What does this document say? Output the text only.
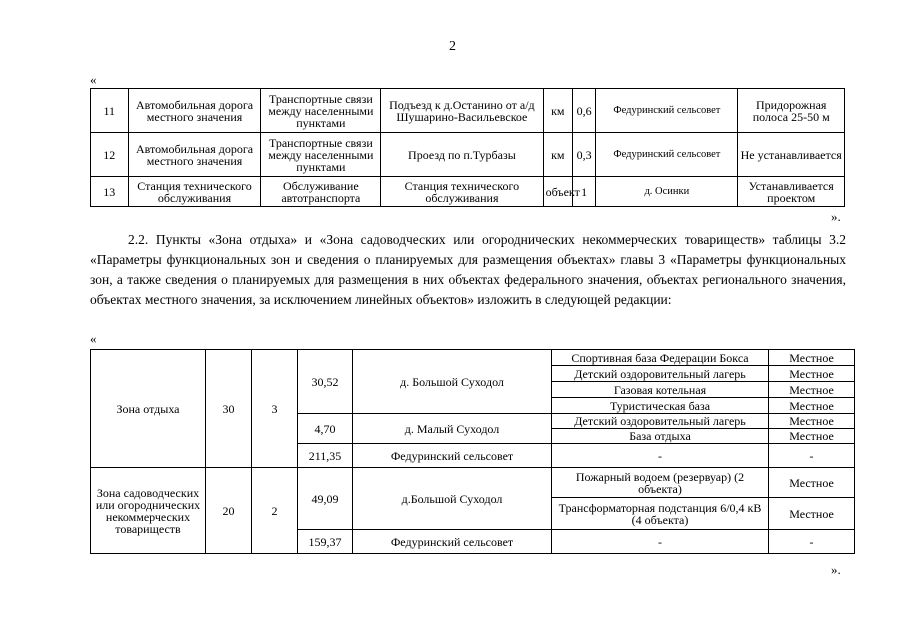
2
«
11	Автомобильная дорога местного значения	Транспортные связи между населенными пунктами	Подъезд к д.Останино от а/д Шушарино-Васильевское	км	0,6	Федуринский сельсовет	Придорожная полоса 25-50 м
12	Автомобильная дорога местного значения	Транспортные связи между населенными пунктами	Проезд по п.Турбазы	км	0,3	Федуринский сельсовет	Не устанавливается
13	Станция технического обслуживания	Обслуживание автотранспорта	Станция технического обслуживания	объект	1	д. Осинки	Устанавливается проектом
».
2.2. Пункты «Зона отдыха» и «Зона садоводческих или огороднических некоммерческих товариществ» таблицы 3.2 «Параметры функциональных зон и сведения о планируемых для размещения объектах» главы 3 «Параметры функциональных зон, а также сведения о планируемых для размещения в них объектах федерального значения, объектах регионального значения, объектах местного значения, за исключением линейных объектов» изложить в следующей редакции:
«
Зона отдыха	30	3	30,52	д. Большой Суходол	Спортивная база Федерации Бокса	Местное
					Детский оздоровительный лагерь	Местное
					Газовая котельная	Местное
					Туристическая база	Местное
			4,70	д. Малый Суходол	Детский оздоровительный лагерь	Местное
					База отдыха	Местное
			211,35	Федуринский сельсовет	-	-
Зона садоводческих или огороднических некоммерческих товариществ	20	2	49,09	д.Большой Суходол	Пожарный водоем (резервуар) (2 объекта)	Местное
					Трансформаторная подстанция 6/0,4 кВ (4 объекта)	Местное
			159,37	Федуринский сельсовет	-	-
».
